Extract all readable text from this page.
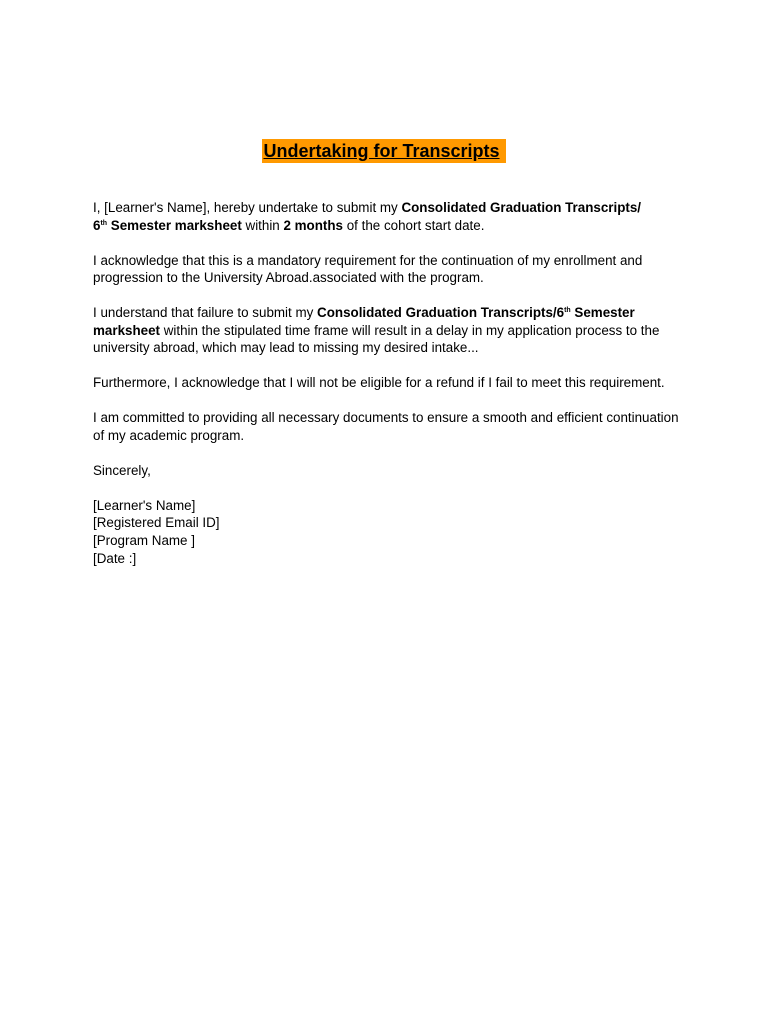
Undertaking for Transcripts

I, [Learner's Name], hereby undertake to submit my Consolidated Graduation Transcripts/
6th Semester marksheet within 2 months of the cohort start date.

I acknowledge that this is a mandatory requirement for the continuation of my enrollment and progression to the University Abroad.associated with the program.

I understand that failure to submit my Consolidated Graduation Transcripts/6th Semester marksheet within the stipulated time frame will result in a delay in my application process to the university abroad, which may lead to missing my desired intake...

Furthermore, I acknowledge that I will not be eligible for a refund if I fail to meet this requirement.

I am committed to providing all necessary documents to ensure a smooth and efficient continuation of my academic program.

Sincerely,

[Learner's Name]
[Registered Email ID]
[Program Name ]
[Date :]
